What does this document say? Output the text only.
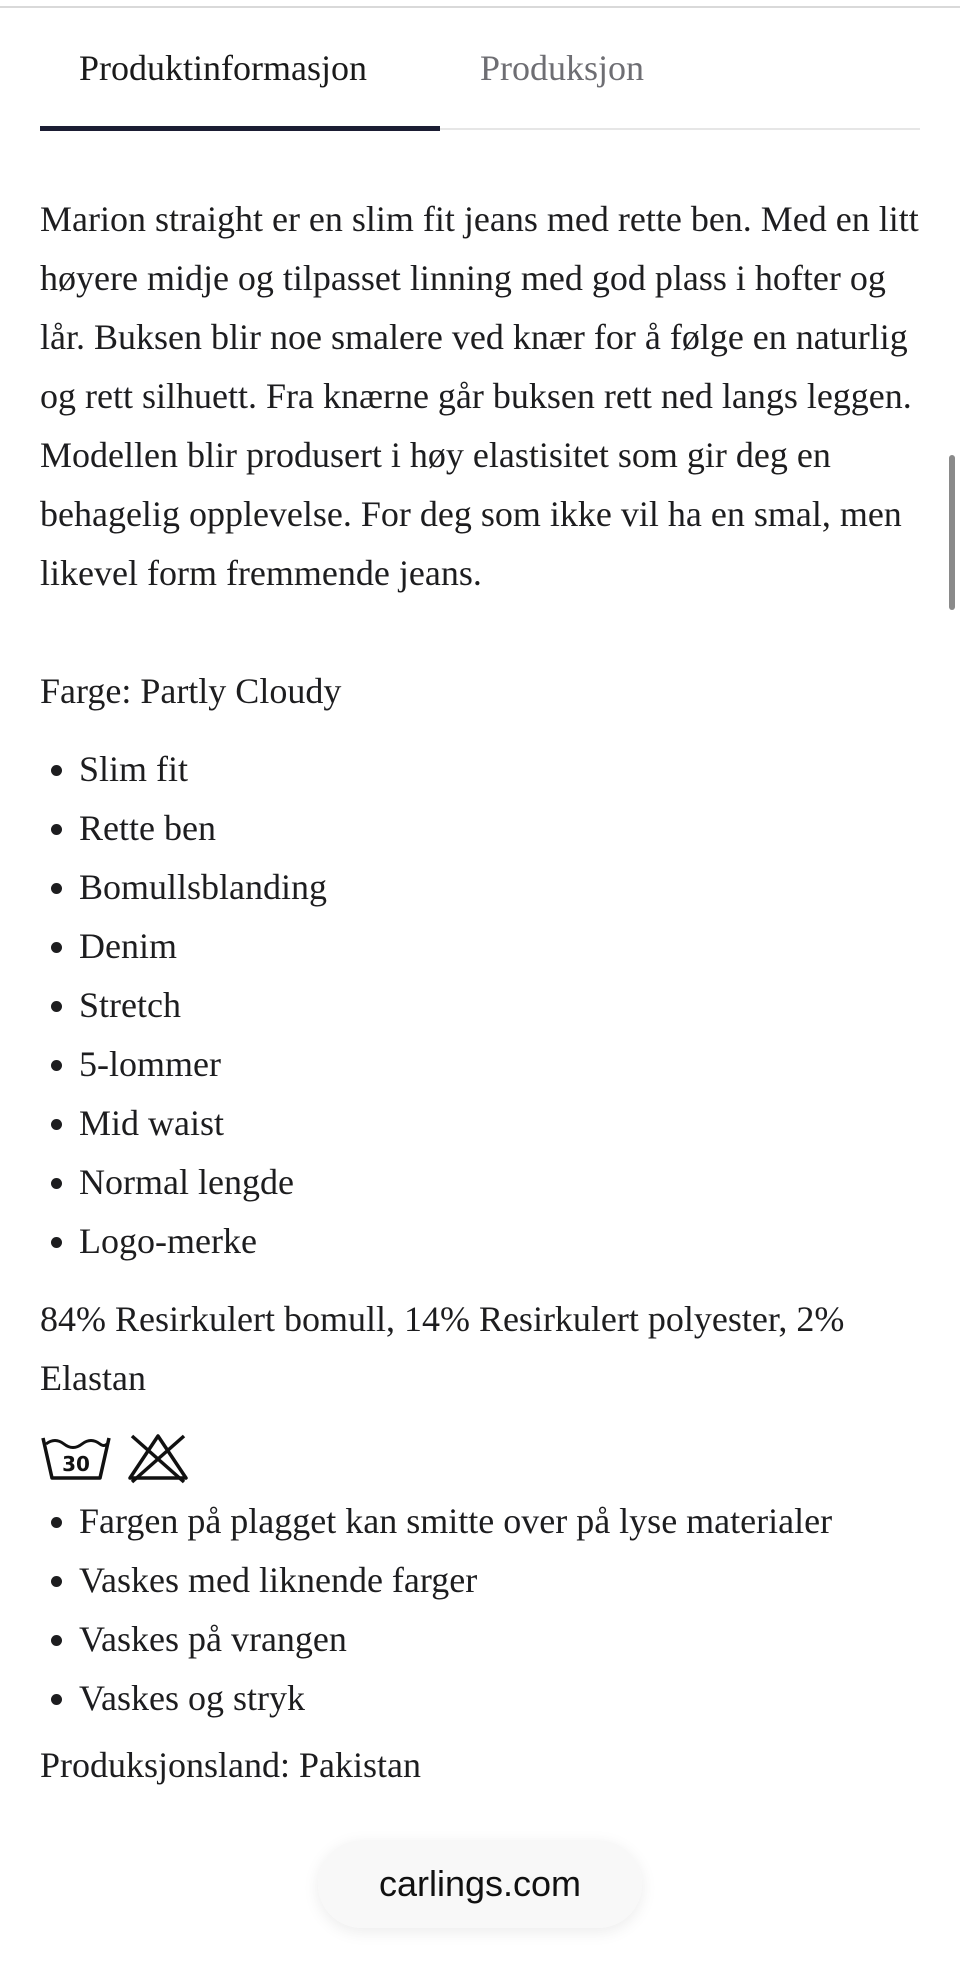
Produktinformasjon	Produksjon

Marion straight er en slim fit jeans med rette ben. Med en litt høyere midje og tilpasset linning med god plass i hofter og lår. Buksen blir noe smalere ved knær for å følge en naturlig og rett silhuett. Fra knærne går buksen rett ned langs leggen. Modellen blir produsert i høy elastisitet som gir deg en behagelig opplevelse. For deg som ikke vil ha en smal, men likevel form fremmende jeans.

Farge: Partly Cloudy

• Slim fit
• Rette ben
• Bomullsblanding
• Denim
• Stretch
• 5-lommer
• Mid waist
• Normal lengde
• Logo-merke

84% Resirkulert bomull, 14% Resirkulert polyester, 2% Elastan

30
• Fargen på plagget kan smitte over på lyse materialer
• Vaskes med liknende farger
• Vaskes på vrangen
• Vaskes og stryk

Produksjonsland: Pakistan

carlings.com
